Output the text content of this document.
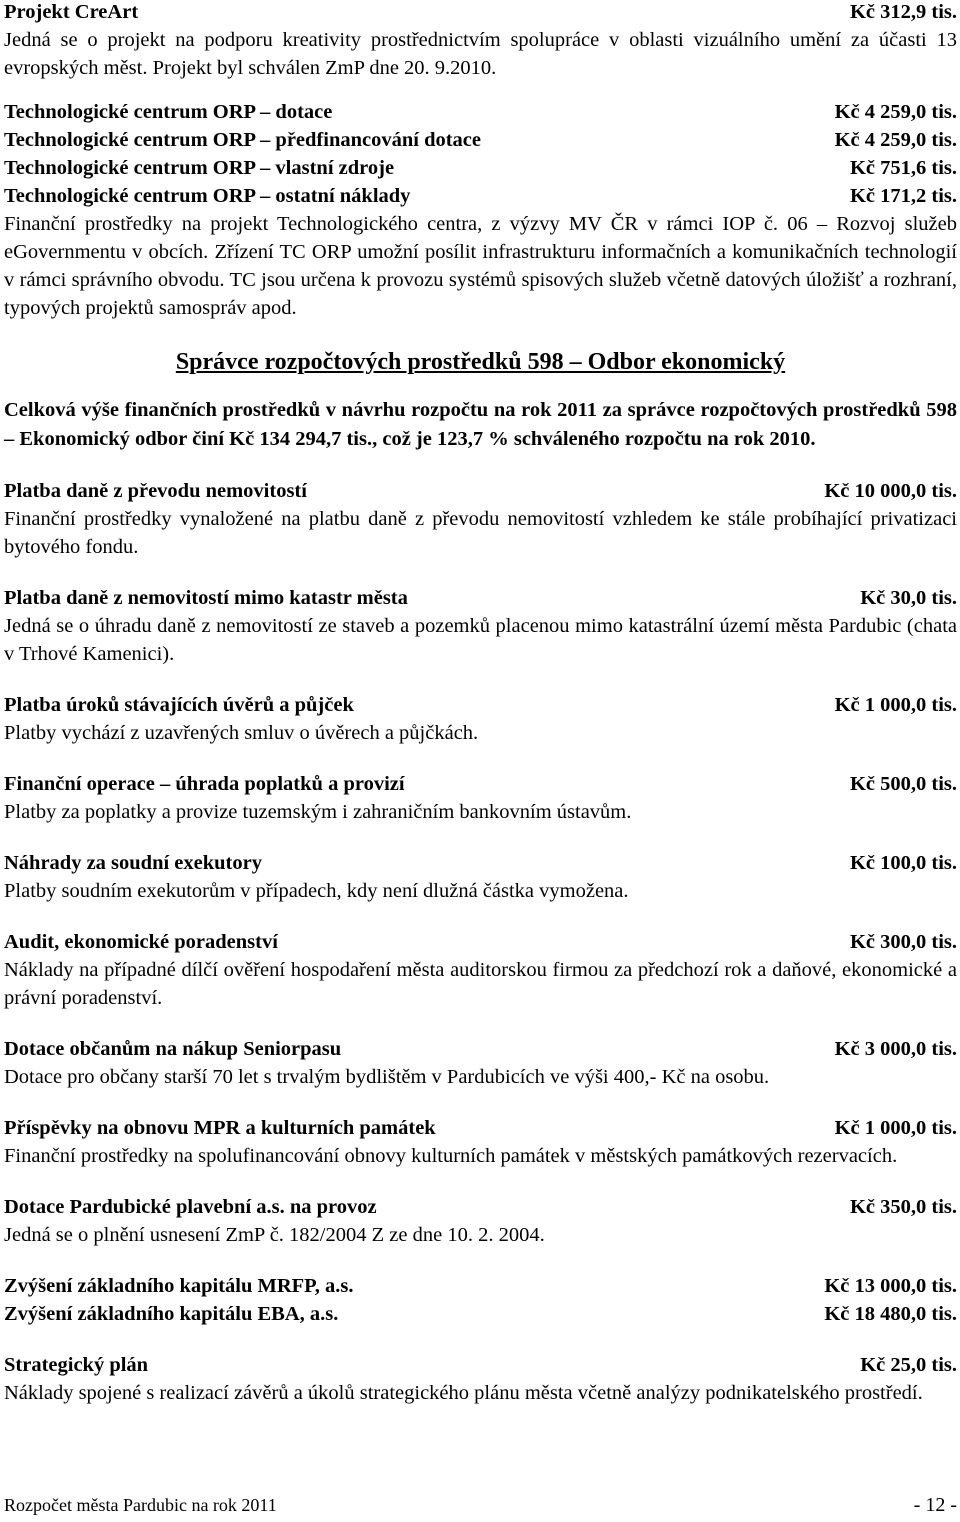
Projekt CreArt	Kč 312,9 tis.

Jedná se o projekt na podporu kreativity prostřednictvím spolupráce v oblasti vizuálního umění za účasti 13 evropských měst. Projekt byl schválen ZmP dne 20. 9.2010.

Technologické centrum ORP – dotace	Kč 4 259,0 tis.
Technologické centrum ORP – předfinancování dotace	Kč 4 259,0 tis.
Technologické centrum ORP – vlastní zdroje	Kč 751,6 tis.
Technologické centrum ORP – ostatní náklady	Kč 171,2 tis.

Finanční prostředky na projekt Technologického centra, z výzvy MV ČR v rámci IOP č. 06 – Rozvoj služeb eGovernmentu v obcích. Zřízení TC ORP umožní posílit infrastrukturu informačních a komunikačních technologií v rámci správního obvodu. TC jsou určena k provozu systémů spisových služeb včetně datových úložišť a rozhraní, typových projektů samospráv apod.

Správce rozpočtových prostředků 598 – Odbor ekonomický

Celková výše finančních prostředků v návrhu rozpočtu na rok 2011 za správce rozpočtových prostředků 598 – Ekonomický odbor činí Kč 134 294,7 tis., což je 123,7 % schváleného rozpočtu na rok 2010.

Platba daně z převodu nemovitostí	Kč 10 000,0 tis.

Finanční prostředky vynaložené na platbu daně z převodu nemovitostí vzhledem ke stále probíhající privatizaci bytového fondu.

Platba daně z nemovitostí mimo katastr města	Kč 30,0 tis.

Jedná se o úhradu daně z nemovitostí ze staveb a pozemků placenou mimo katastrální území města Pardubic (chata v Trhové Kamenici).

Platba úroků stávajících úvěrů a půjček	Kč 1 000,0 tis.

Platby vychází z uzavřených smluv o úvěrech a půjčkách.

Finanční operace – úhrada poplatků a provizí	Kč 500,0 tis.

Platby za poplatky a provize tuzemským i zahraničním bankovním ústavům.

Náhrady za soudní exekutory	Kč 100,0 tis.

Platby soudním exekutorům v případech, kdy není dlužná částka vymožena.

Audit, ekonomické poradenství	Kč 300,0 tis.

Náklady na případné dílčí ověření hospodaření města auditorskou firmou za předchozí rok a daňové, ekonomické a právní poradenství.

Dotace občanům na nákup Seniorpasu	Kč 3 000,0 tis.

Dotace pro občany starší 70 let s trvalým bydlištěm v Pardubicích ve výši 400,- Kč na osobu.

Příspěvky na obnovu MPR a kulturních památek	Kč 1 000,0 tis.

Finanční prostředky na spolufinancování obnovy kulturních památek v městských památkových rezervacích.

Dotace Pardubické plavební a.s. na provoz	Kč 350,0 tis.

Jedná se o plnění usnesení ZmP č. 182/2004 Z ze dne 10. 2. 2004.

Zvýšení základního kapitálu MRFP, a.s.	Kč 13 000,0 tis.
Zvýšení základního kapitálu EBA, a.s.	Kč 18 480,0 tis.
Strategický plán	Kč 25,0 tis.

Náklady spojené s realizací závěrů a úkolů strategického plánu města včetně analýzy podnikatelského prostředí.

Rozpočet města Pardubic na rok 2011	- 12 -
